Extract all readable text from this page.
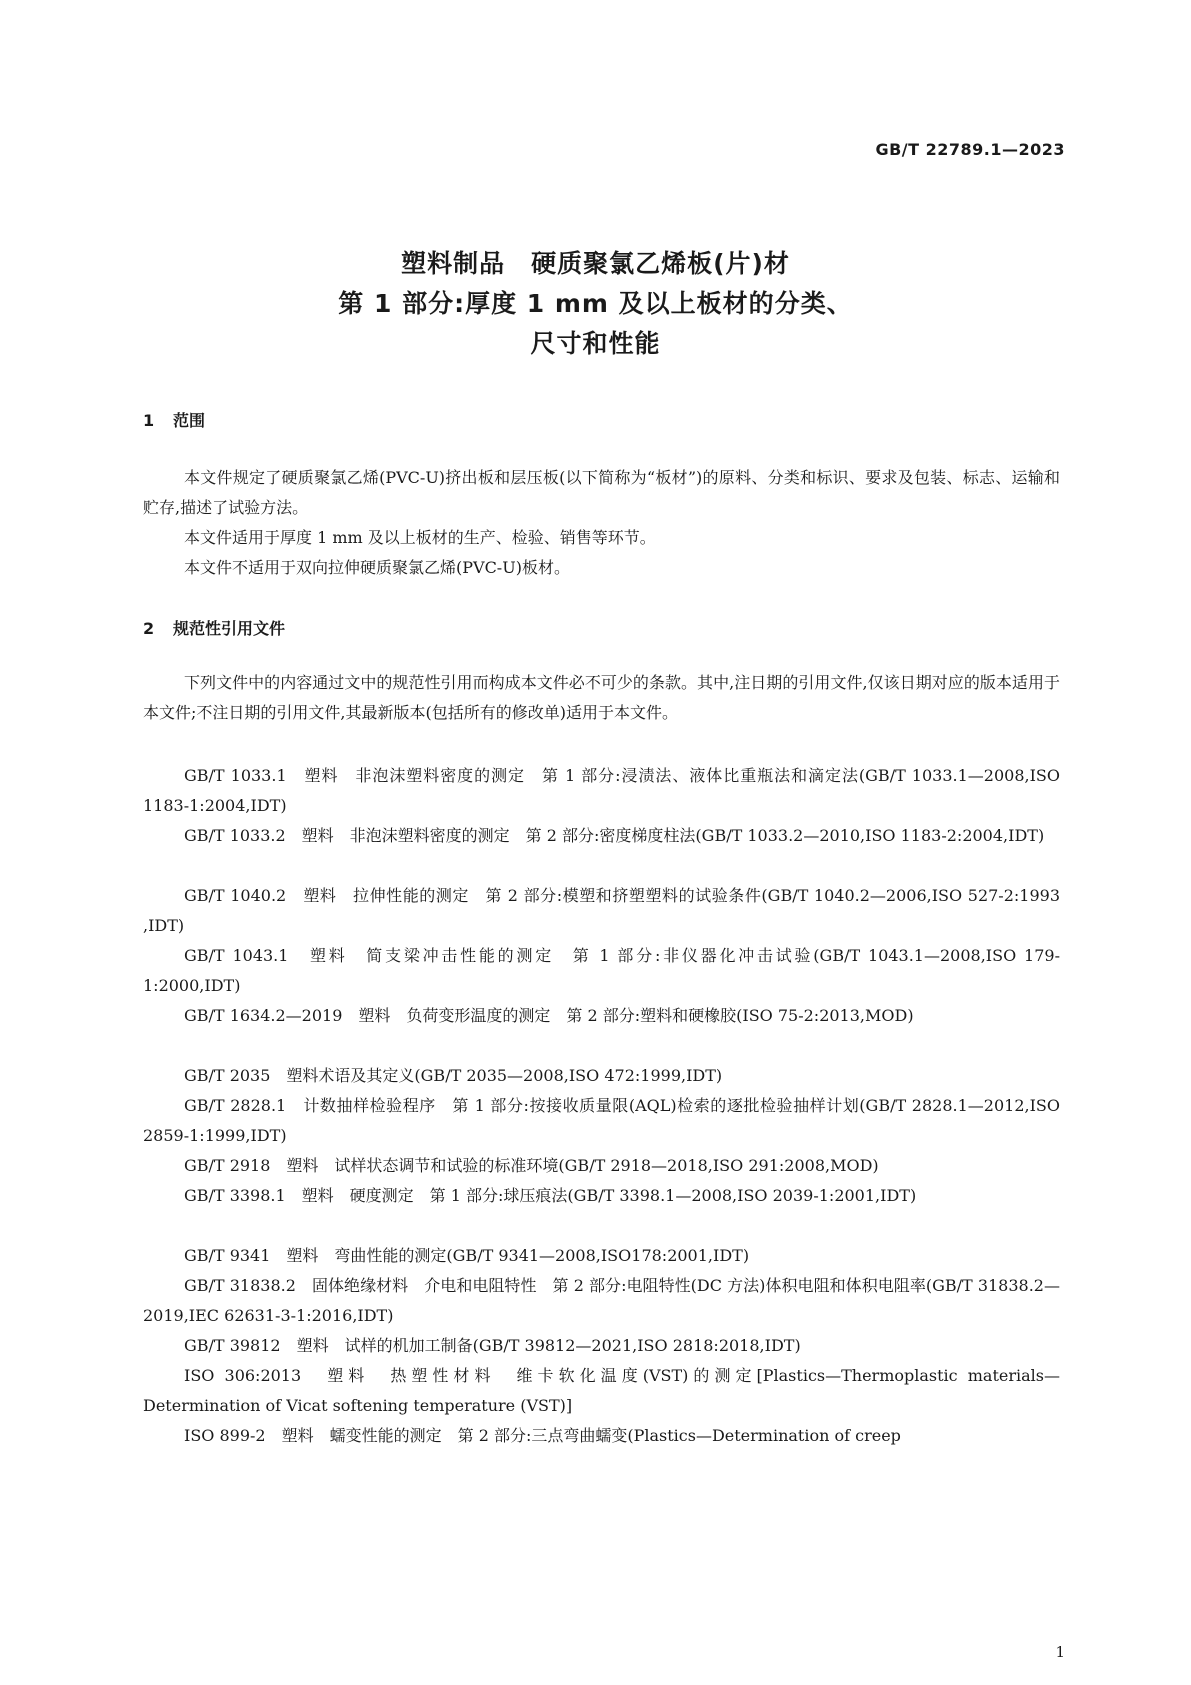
GB/T 22789.1—2023
塑料制品　硬质聚氯乙烯板(片)材
第 1 部分:厚度 1 mm 及以上板材的分类、
尺寸和性能
1 范围
本文件规定了硬质聚氯乙烯(PVC-U)挤出板和层压板(以下简称为“板材”)的原料、分类和标识、要求及包装、标志、运输和贮存,描述了试验方法。
本文件适用于厚度 1 mm 及以上板材的生产、检验、销售等环节。
本文件不适用于双向拉伸硬质聚氯乙烯(PVC-U)板材。
2 规范性引用文件
下列文件中的内容通过文中的规范性引用而构成本文件必不可少的条款。其中,注日期的引用文件,仅该日期对应的版本适用于本文件;不注日期的引用文件,其最新版本(包括所有的修改单)适用于本文件。
GB/T 1033.1　塑料　非泡沫塑料密度的测定　第 1 部分:浸渍法、液体比重瓶法和滴定法(GB/T 1033.1—2008,ISO 1183-1:2004,IDT)
GB/T 1033.2　塑料　非泡沫塑料密度的测定　第 2 部分:密度梯度柱法(GB/T 1033.2—2010,ISO 1183-2:2004,IDT)
GB/T 1040.2　塑料　拉伸性能的测定　第 2 部分:模塑和挤塑塑料的试验条件(GB/T 1040.2—2006,ISO 527-2:1993 ,IDT)
GB/T 1043.1　塑料　简支梁冲击性能的测定　第 1 部分:非仪器化冲击试验(GB/T 1043.1—2008,ISO 179-1:2000,IDT)
GB/T 1634.2—2019　塑料　负荷变形温度的测定　第 2 部分:塑料和硬橡胶(ISO 75-2:2013,MOD)
GB/T 2035　塑料术语及其定义(GB/T 2035—2008,ISO 472:1999,IDT)
GB/T 2828.1　计数抽样检验程序　第 1 部分:按接收质量限(AQL)检索的逐批检验抽样计划(GB/T 2828.1—2012,ISO 2859-1:1999,IDT)
GB/T 2918　塑料　试样状态调节和试验的标准环境(GB/T 2918—2018,ISO 291:2008,MOD)
GB/T 3398.1　塑料　硬度测定　第 1 部分:球压痕法(GB/T 3398.1—2008,ISO 2039-1:2001,IDT)
GB/T 9341　塑料　弯曲性能的测定(GB/T 9341—2008,ISO178:2001,IDT)
GB/T 31838.2　固体绝缘材料　介电和电阻特性　第 2 部分:电阻特性(DC 方法)体积电阻和体积电阻率(GB/T 31838.2—2019,IEC 62631-3-1:2016,IDT)
GB/T 39812　塑料　试样的机加工制备(GB/T 39812—2021,ISO 2818:2018,IDT)
ISO 306:2013　塑料　热塑性材料　维卡软化温度(VST)的测定[Plastics—Thermoplastic materials—Determination of Vicat softening temperature (VST)]
ISO 899-2　塑料　蠕变性能的测定　第 2 部分:三点弯曲蠕变(Plastics—Determination of creep
1
